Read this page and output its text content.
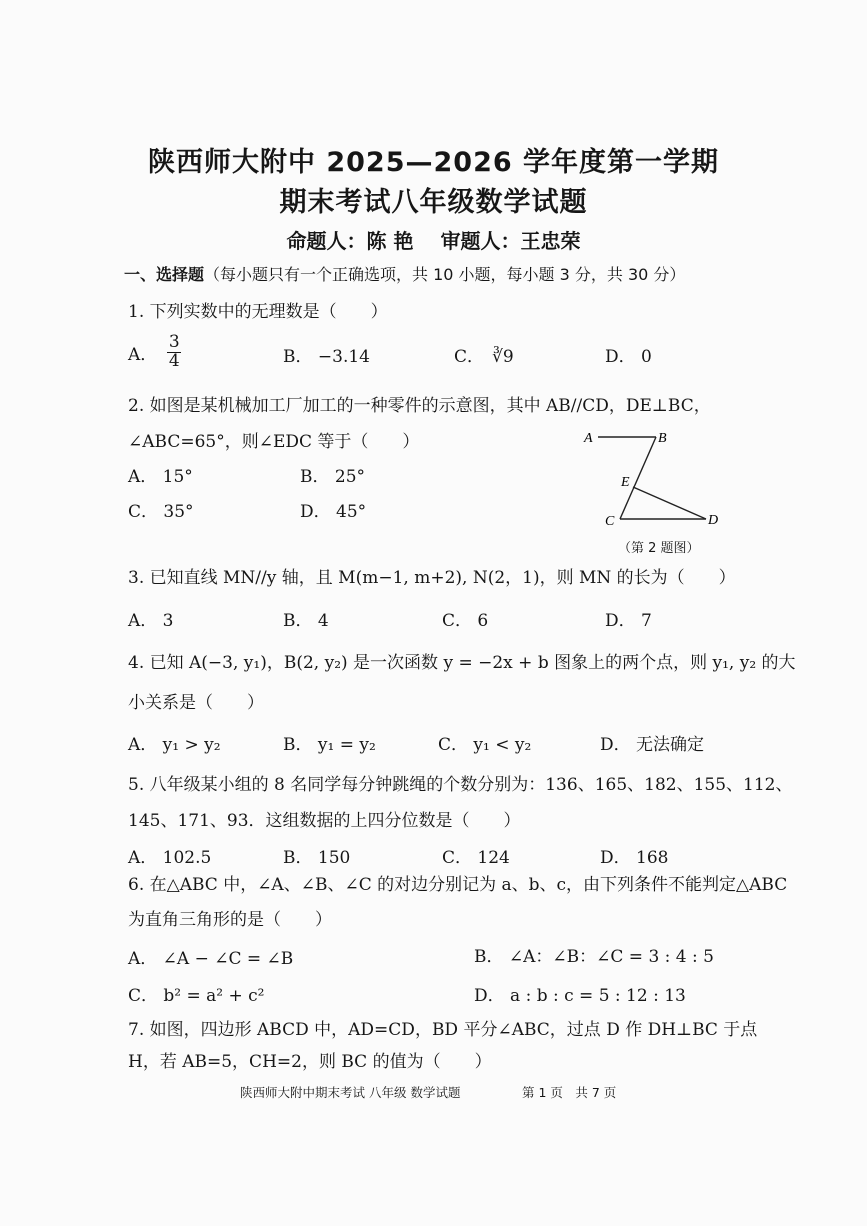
陕西师大附中 2025—2026 学年度第一学期
期末考试八年级数学试题
命题人：陈 艳　 审题人：王忠荣
一、选择题（每小题只有一个正确选项，共 10 小题，每小题 3 分，共 30 分）
1. 下列实数中的无理数是（　　）
A． $\frac{3}{4}$	B． −3.14	C． ∛9	D． 0
2. 如图是某机械加工厂加工的一种零件的示意图，其中 AB//CD，DE⊥BC，
∠ABC=65°，则∠EDC 等于（　　）
A． 15°	B． 25°
C． 35°	D． 45°
A	B
E
C	D
（第 2 题图）
3. 已知直线 MN//y 轴，且 M(m−1, m+2), N(2，1)，则 MN 的长为（　　）
A． 3	B． 4	C． 6	D． 7
4. 已知 A(−3, y₁)，B(2, y₂) 是一次函数 y = −2x + b 图象上的两个点，则 y₁, y₂ 的大
小关系是（　　）
A． y₁ > y₂	B． y₁ = y₂	C． y₁ < y₂	D． 无法确定
5. 八年级某小组的 8 名同学每分钟跳绳的个数分别为：136、165、182、155、112、
145、171、93．这组数据的上四分位数是（　　）
A． 102.5	B． 150	C． 124	D． 168
6. 在△ABC 中，∠A、∠B、∠C 的对边分别记为 a、b、c，由下列条件不能判定△ABC
为直角三角形的是（　　）
A． ∠A − ∠C = ∠B	B． ∠A：∠B：∠C = 3 : 4 : 5
C． b² = a² + c²	D． a : b : c = 5 : 12 : 13
7. 如图，四边形 ABCD 中，AD=CD，BD 平分∠ABC，过点 D 作 DH⊥BC 于点
H，若 AB=5，CH=2，则 BC 的值为（　　）
陕西师大附中期末考试 八年级 数学试题	第 1 页　共 7 页
